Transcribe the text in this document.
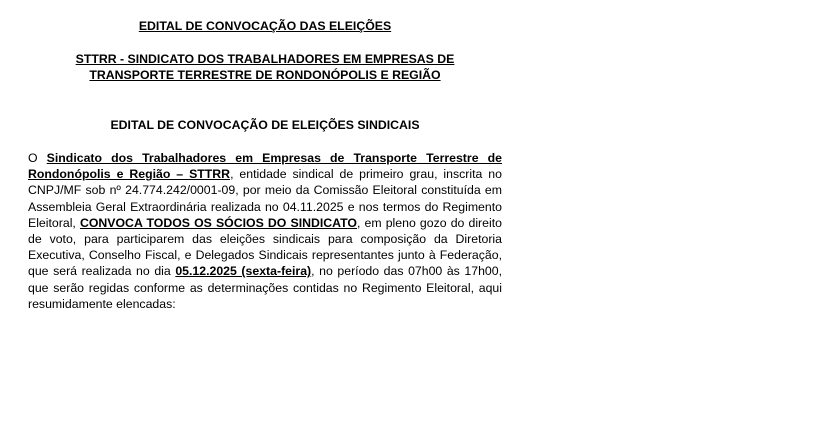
EDITAL DE CONVOCAÇÃO DAS ELEIÇÕES
STTRR - SINDICATO DOS TRABALHADORES EM EMPRESAS DE
TRANSPORTE TERRESTRE DE RONDONÓPOLIS E REGIÃO
EDITAL DE CONVOCAÇÃO DE ELEIÇÕES SINDICAIS
O Sindicato dos Trabalhadores em Empresas de Transporte Terrestre de Rondonópolis e Região – STTRR, entidade sindical de primeiro grau, inscrita no CNPJ/MF sob nº 24.774.242/0001-09, por meio da Comissão Eleitoral constituída em Assembleia Geral Extraordinária realizada no 04.11.2025 e nos termos do Regimento Eleitoral, CONVOCA TODOS OS SÓCIOS DO SINDICATO, em pleno gozo do direito de voto, para participarem das eleições sindicais para composição da Diretoria Executiva, Conselho Fiscal, e Delegados Sindicais representantes junto à Federação, que será realizada no dia 05.12.2025 (sexta-feira), no período das 07h00 às 17h00, que serão regidas conforme as determinações contidas no Regimento Eleitoral, aqui resumidamente elencadas:
